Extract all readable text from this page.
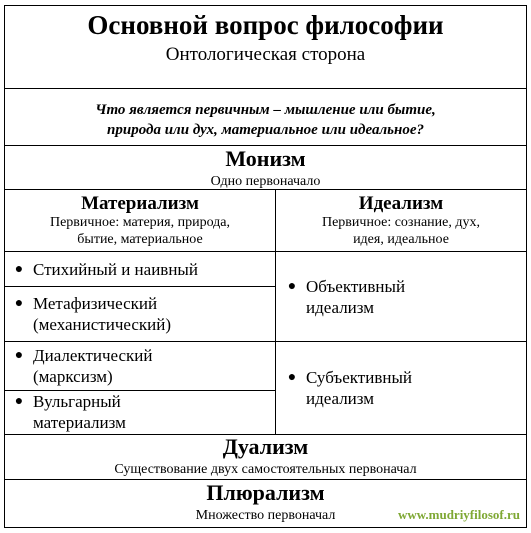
Основной вопрос философии
Онтологическая сторона
Что является первичным – мышление или бытие,
природа или дух, материальное или идеальное?
Монизм
Одно первоначало
Материализм
Первичное: материя, природа,
бытие, материальное
Идеализм
Первичное: сознание, дух,
идея, идеальное
● Стихийный и наивный
● Метафизический
(механистический)
● Диалектический
(марксизм)
● Вульгарный
материализм
● Объективный
идеализм
● Субъективный
идеализм
Дуализм
Существование двух самостоятельных первоначал
Плюрализм
Множество первоначал	www.mudriyfilosof.ru
